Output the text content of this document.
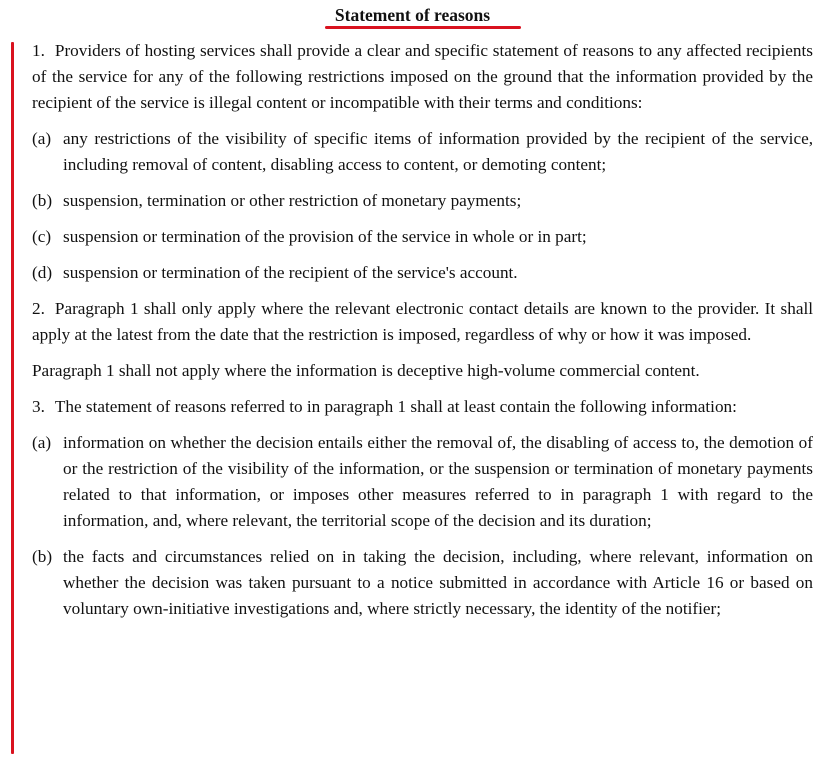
Statement of reasons

1. Providers of hosting services shall provide a clear and specific statement of reasons to any affected recipients of the service for any of the following restrictions imposed on the ground that the information provided by the recipient of the service is illegal content or incompatible with their terms and conditions:

(a) any restrictions of the visibility of specific items of information provided by the recipient of the service, including removal of content, disabling access to content, or demoting content;
(b) suspension, termination or other restriction of monetary payments;
(c) suspension or termination of the provision of the service in whole or in part;
(d) suspension or termination of the recipient of the service's account.

2. Paragraph 1 shall only apply where the relevant electronic contact details are known to the provider. It shall apply at the latest from the date that the restriction is imposed, regardless of why or how it was imposed.

Paragraph 1 shall not apply where the information is deceptive high-volume commercial content.

3. The statement of reasons referred to in paragraph 1 shall at least contain the following information:

(a) information on whether the decision entails either the removal of, the disabling of access to, the demotion of or the restriction of the visibility of the information, or the suspension or termination of monetary payments related to that information, or imposes other measures referred to in paragraph 1 with regard to the information, and, where relevant, the territorial scope of the decision and its duration;
(b) the facts and circumstances relied on in taking the decision, including, where relevant, information on whether the decision was taken pursuant to a notice submitted in accordance with Article 16 or based on voluntary own-initiative investigations and, where strictly necessary, the identity of the notifier;
